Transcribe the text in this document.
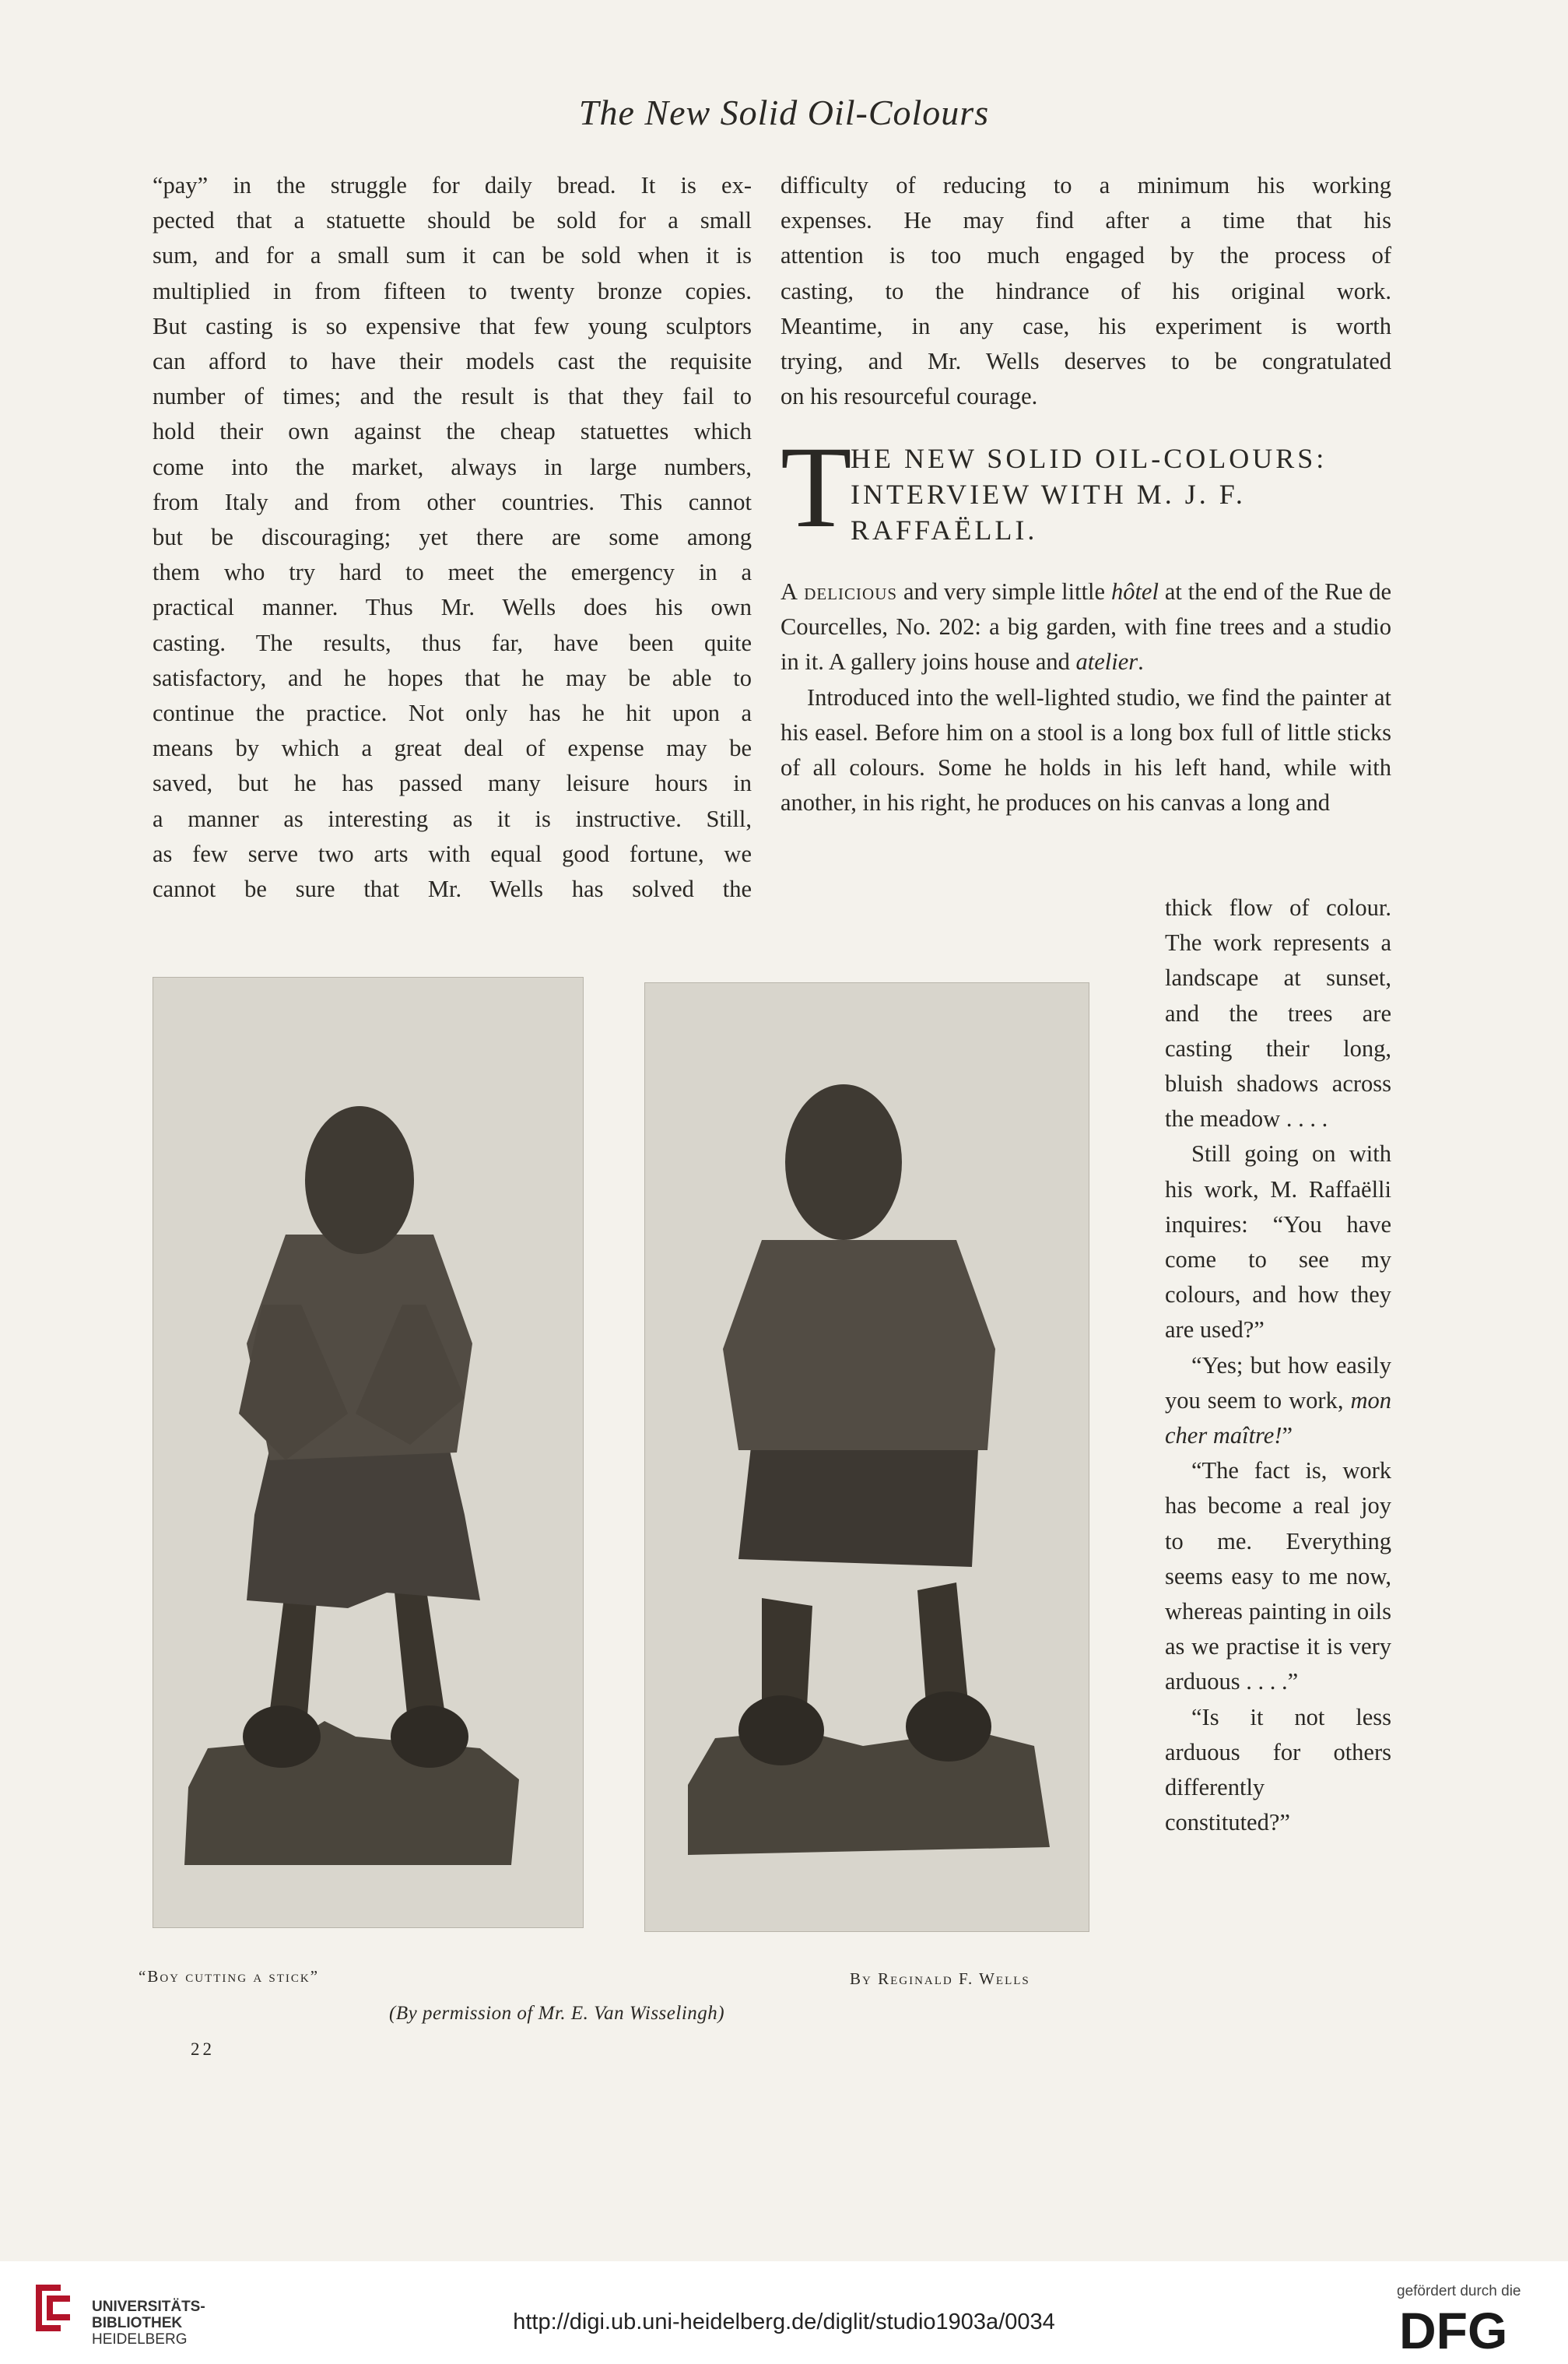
The New Solid Oil-Colours
“pay” in the struggle for daily bread. It is ex-
pected that a statuette should be sold for a small
sum, and for a small sum it can be sold when it is
multiplied in from fifteen to twenty bronze copies.
But casting is so expensive that few young sculptors
can afford to have their models cast the requisite
number of times; and the result is that they fail to
hold their own against the cheap statuettes which
come into the market, always in large numbers,
from Italy and from other countries. This cannot
but be discouraging; yet there are some among
them who try hard to meet the emergency in a
practical manner. Thus Mr. Wells does his own
casting. The results, thus far, have been quite
satisfactory, and he hopes that he may be able to
continue the practice. Not only has he hit upon a
means by which a great deal of expense may be
saved, but he has passed many leisure hours in
a manner as interesting as it is instructive. Still,
as few serve two arts with equal good fortune, we
cannot be sure that Mr. Wells has solved the
difficulty of reducing to a minimum his working
expenses. He may find after a time that his
attention is too much engaged by the process of
casting, to the hindrance of his original work.
Meantime, in any case, his experiment is worth
trying, and Mr. Wells deserves to be congratulated
on his resourceful courage.
T
HE NEW SOLID OIL-COLOURS:
INTERVIEW WITH M. J. F.
RAFFAËLLI.

A delicious and very simple little hôtel at the end of the Rue de Courcelles, No. 202: a big garden, with fine trees and a studio in it. A gallery joins house and atelier.

Introduced into the well-lighted studio, we find the painter at his easel. Before him on a stool is a long box full of little sticks of all colours. Some he holds in his left hand, while with another, in his right, he produces on his canvas a long and

thick flow of colour. The work represents a landscape at sunset, and the trees are casting their long, bluish shadows across the meadow . . . .

Still going on with his work, M. Raffaëlli inquires: “You have come to see my colours, and how they are used?”

“Yes; but how easily you seem to work, mon cher maître!”

“The fact is, work has become a real joy to me. Everything seems easy to me now, whereas painting in oils as we practise it is very arduous . . . .”

“Is it not less arduous for others differently constituted?”

“Boy cutting a stick”	By Reginald F. Wells
(By permission of Mr. E. Van Wisselingh)
22
UNIVERSITÄTS-
BIBLIOTHEK
HEIDELBERG
http://digi.ub.uni-heidelberg.de/diglit/studio1903a/0034
gefördert durch die
DFG
